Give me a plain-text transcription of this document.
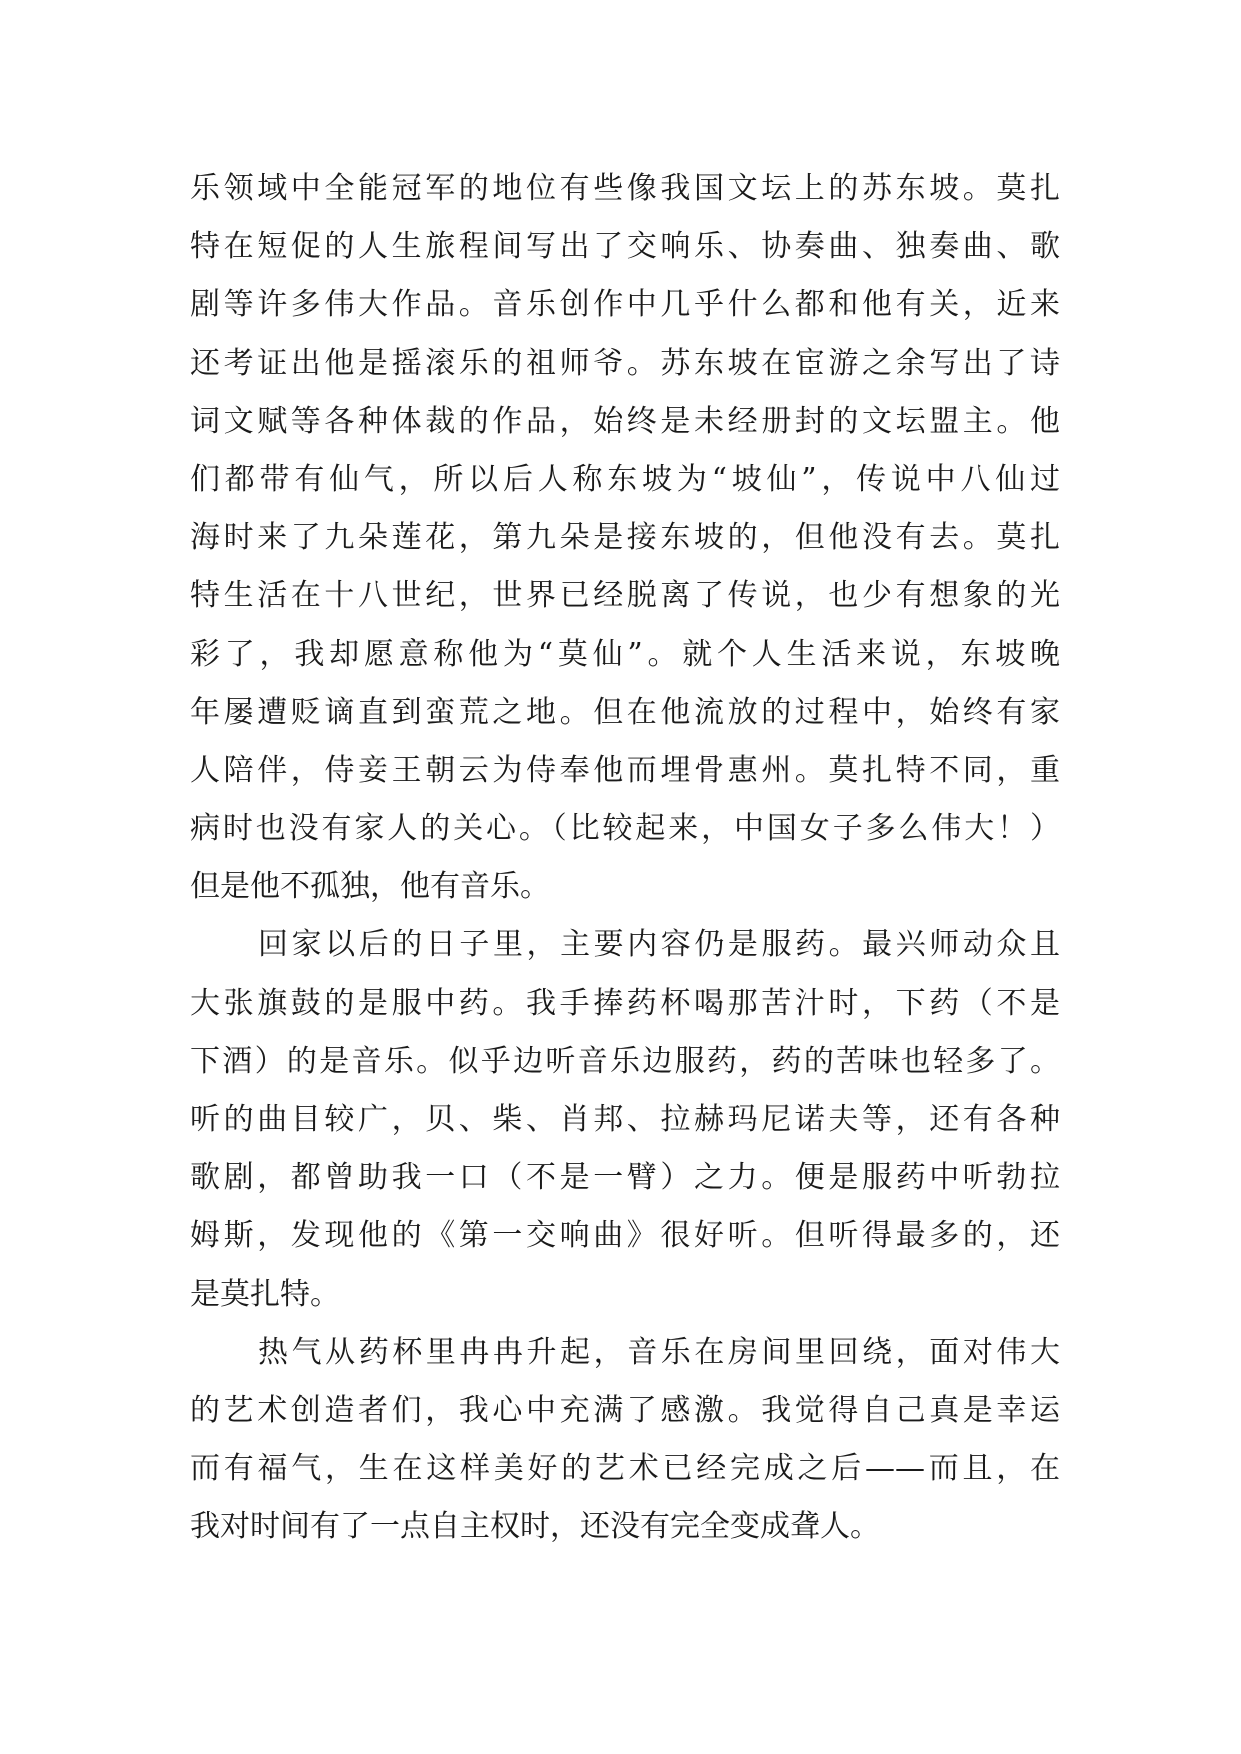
乐领域中全能冠军的地位有些像我国文坛上的苏东坡。莫扎
特在短促的人生旅程间写出了交响乐、协奏曲、独奏曲、歌
剧等许多伟大作品。音乐创作中几乎什么都和他有关，近来
还考证出他是摇滚乐的祖师爷。苏东坡在宦游之余写出了诗
词文赋等各种体裁的作品，始终是未经册封的文坛盟主。他
们都带有仙气，所以后人称东坡为“坡仙”，传说中八仙过
海时来了九朵莲花，第九朵是接东坡的，但他没有去。莫扎
特生活在十八世纪，世界已经脱离了传说，也少有想象的光
彩了，我却愿意称他为“莫仙”。就个人生活来说，东坡晚
年屡遭贬谪直到蛮荒之地。但在他流放的过程中，始终有家
人陪伴，侍妾王朝云为侍奉他而埋骨惠州。莫扎特不同，重
病时也没有家人的关心。（比较起来，中国女子多么伟大！）
但是他不孤独，他有音乐。
回家以后的日子里，主要内容仍是服药。最兴师动众且
大张旗鼓的是服中药。我手捧药杯喝那苦汁时，下药（不是
下酒）的是音乐。似乎边听音乐边服药，药的苦味也轻多了。
听的曲目较广，贝、柴、肖邦、拉赫玛尼诺夫等，还有各种
歌剧，都曾助我一口（不是一臂）之力。便是服药中听勃拉
姆斯，发现他的《第一交响曲》很好听。但听得最多的，还
是莫扎特。
热气从药杯里冉冉升起，音乐在房间里回绕，面对伟大
的艺术创造者们，我心中充满了感激。我觉得自己真是幸运
而有福气，生在这样美好的艺术已经完成之后——而且，在
我对时间有了一点自主权时，还没有完全变成聋人。
